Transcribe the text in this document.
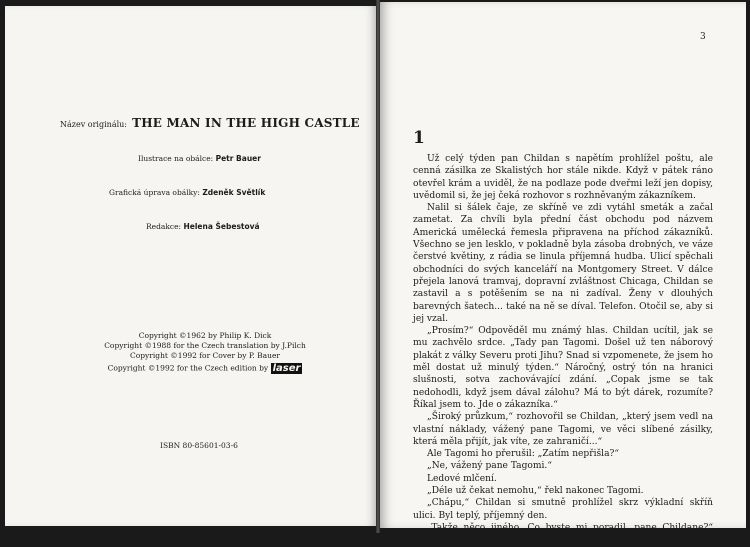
Název originálu: THE MAN IN THE HIGH CASTLE
Ilustrace na obálce: Petr Bauer
Grafická úprava obálky: Zdeněk Světlík
Redakce: Helena Šebestová
Copyright ©1962 by Philip K. Dick
Copyright ©1988 for the Czech translation by J.Pilch
Copyright ©1992 for Cover by P. Bauer
Copyright ©1992 for the Czech edition by laser
ISBN 80-85601-03-6
3
1

Už celý týden pan Childan s napětím prohlížel poštu, ale cenná zásilka ze Skalistých hor stále nikde. Když v pátek ráno otevřel krám a uviděl, že na podlaze pode dveřmi leží jen dopisy, uvědomil si, že jej čeká rozhovor s rozhněvaným zákazníkem.

Nalil si šálek čaje, ze skříně ve zdi vytáhl smeták a začal zametat. Za chvíli byla přední část obchodu pod názvem Americká umělecká řemesla připravena na příchod zákazníků. Všechno se jen lesklo, v pokladně byla zásoba drobných, ve váze čerstvé květiny, z rádia se linula příjemná hudba. Ulicí spěchali obchodníci do svých kanceláří na Montgomery Street. V dálce přejela lanová tramvaj, dopravní zvláštnost Chicaga, Childan se zastavil a s potěšením se na ni zadíval. Ženy v dlouhých barevných šatech... také na ně se díval. Telefon. Otočil se, aby si jej vzal.

„Prosím?“ Odpověděl mu známý hlas. Childan ucítil, jak se mu zachvělo srdce. „Tady pan Tagomi. Došel už ten náborový plakát z války Severu proti Jihu? Snad si vzpomenete, že jsem ho měl dostat už minulý týden.“ Náročný, ostrý tón na hranici slušnosti, sotva zachovávající zdání. „Copak jsme se tak nedohodli, když jsem dával zálohu? Má to být dárek, rozumíte? Říkal jsem to. Jde o zákazníka.“

„Široký průzkum,“ rozhovořil se Childan, „který jsem vedl na vlastní náklady, vážený pane Tagomi, ve věci slíbené zásilky, která měla přijít, jak víte, ze zahraničí...“

Ale Tagomi ho přerušil: „Zatím nepřišla?“

„Ne, vážený pane Tagomi.“

Ledové mlčení.

„Déle už čekat nemohu,“ řekl nakonec Tagomi.

„Chápu,“ Childan si smutně prohlížel skrz výkladní skříň ulici. Byl teplý, příjemný den.

„Takže něco jiného. Co byste mi poradil, pane Childane?“ Tagomi
